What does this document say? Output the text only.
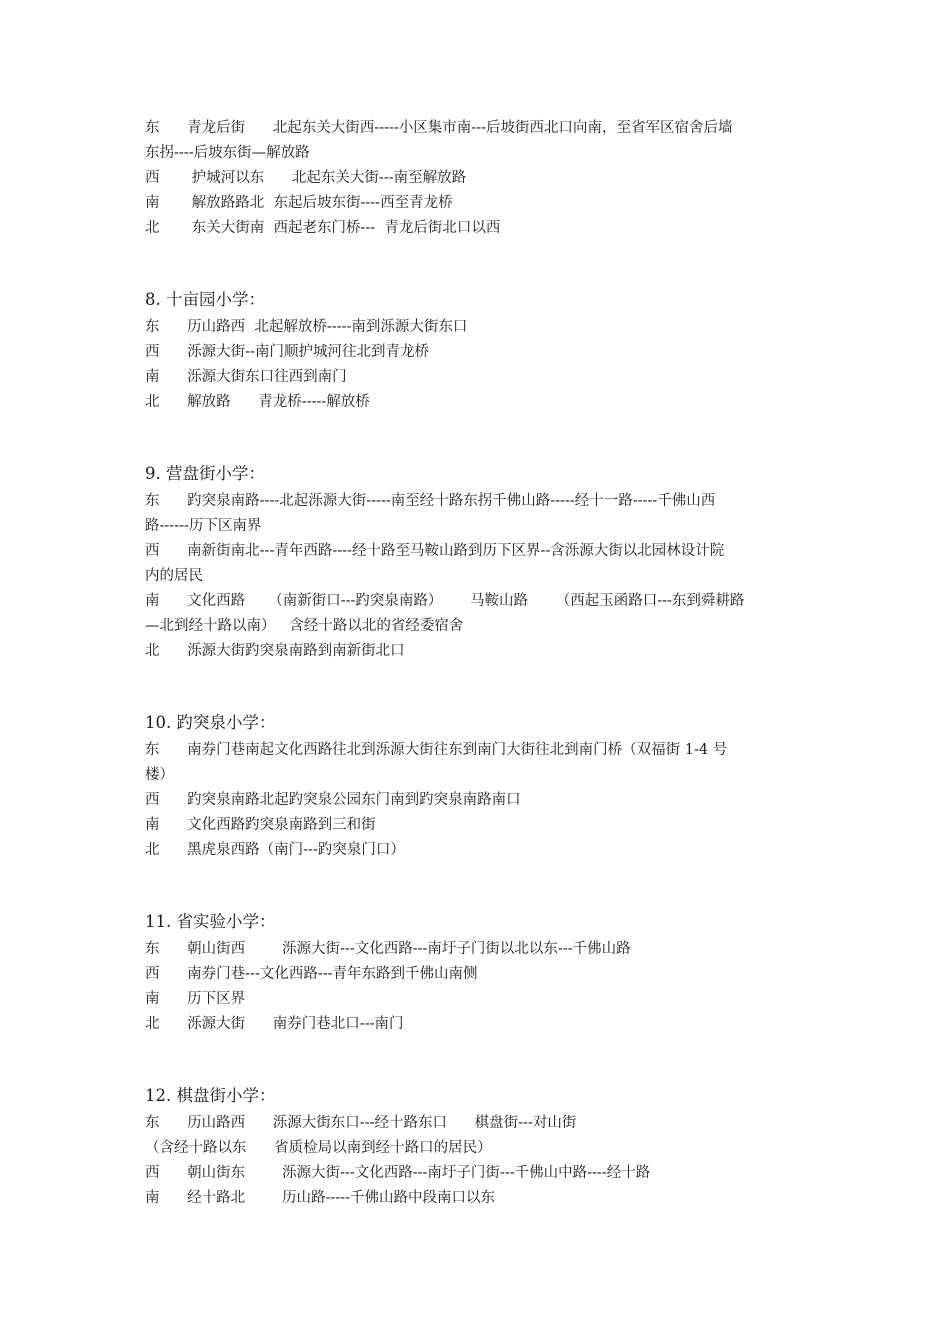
东      青龙后街      北起东关大街西-----小区集市南---后坡街西北口向南，至省军区宿舍后墙
东拐----后坡东街—解放路
西       护城河以东      北起东关大街---南至解放路
南       解放路路北  东起后坡东街----西至青龙桥
北       东关大街南  西起老东门桥---  青龙后街北口以西
8. 十亩园小学：
东      历山路西  北起解放桥-----南到泺源大街东口
西      泺源大街--南门顺护城河往北到青龙桥
南      泺源大街东口往西到南门
北      解放路      青龙桥-----解放桥
9. 营盘街小学：
东      趵突泉南路----北起泺源大街-----南至经十路东拐千佛山路-----经十一路-----千佛山西
路------历下区南界
西      南新街南北---青年西路----经十路至马鞍山路到历下区界--含泺源大街以北园林设计院
内的居民
南      文化西路     （南新街口---趵突泉南路）      马鞍山路      （西起玉函路口---东到舜耕路
—北到经十路以南）   含经十路以北的省经委宿舍
北      泺源大街趵突泉南路到南新街北口
10. 趵突泉小学：
东      南券门巷南起文化西路往北到泺源大街往东到南门大街往北到南门桥（双福街 1-4 号
楼）
西      趵突泉南路北起趵突泉公园东门南到趵突泉南路南口
南      文化西路趵突泉南路到三和街
北      黑虎泉西路（南门---趵突泉门口）
11. 省实验小学：
东      朝山街西        泺源大街---文化西路---南圩子门街以北以东---千佛山路
西      南券门巷---文化西路---青年东路到千佛山南侧
南      历下区界
北      泺源大街      南券门巷北口---南门
12. 棋盘街小学：
东      历山路西      泺源大街东口---经十路东口      棋盘街---对山街
（含经十路以东      省质检局以南到经十路口的居民）
西      朝山街东        泺源大街---文化西路---南圩子门街---千佛山中路----经十路
南      经十路北        历山路-----千佛山路中段南口以东
